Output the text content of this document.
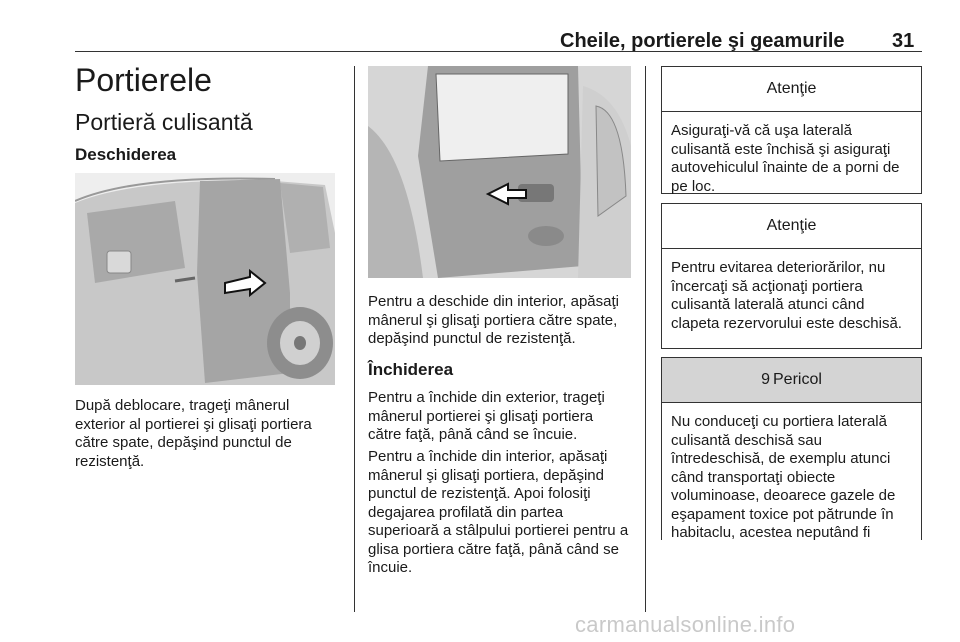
Cheile, portierele şi geamurile 31
Portierele
Portieră culisantă
Deschiderea

După deblocare, trageţi mânerul exterior al portierei şi glisaţi portiera către spate, depăşind punctul de rezistenţă.

Pentru a deschide din interior, apăsaţi mânerul şi glisaţi portiera către spate, depăşind punctul de rezistenţă.

Închiderea

Pentru a închide din exterior, trageţi mânerul portierei şi glisaţi portiera către faţă, până când se încuie.

Pentru a închide din interior, apăsaţi mânerul şi glisaţi portiera, depăşind punctul de rezistenţă. Apoi folosiţi degajarea profilată din partea superioară a stâlpului portierei pentru a glisa portiera către faţă, până când se încuie.

Atenţie
Asiguraţi-vă că uşa laterală culisantă este închisă şi asiguraţi autovehiculul înainte de a porni de pe loc.
Atenţie
Pentru evitarea deteriorărilor, nu încercaţi să acţionaţi portiera culisantă laterală atunci când clapeta rezervorului este deschisă.
9 Pericol
Nu conduceţi cu portiera laterală culisantă deschisă sau întredeschisă, de exemplu atunci când transportaţi obiecte voluminoase, deoarece gazele de eşapament toxice pot pătrunde în habitaclu, acestea neputând fi
carmanualsonline.info
